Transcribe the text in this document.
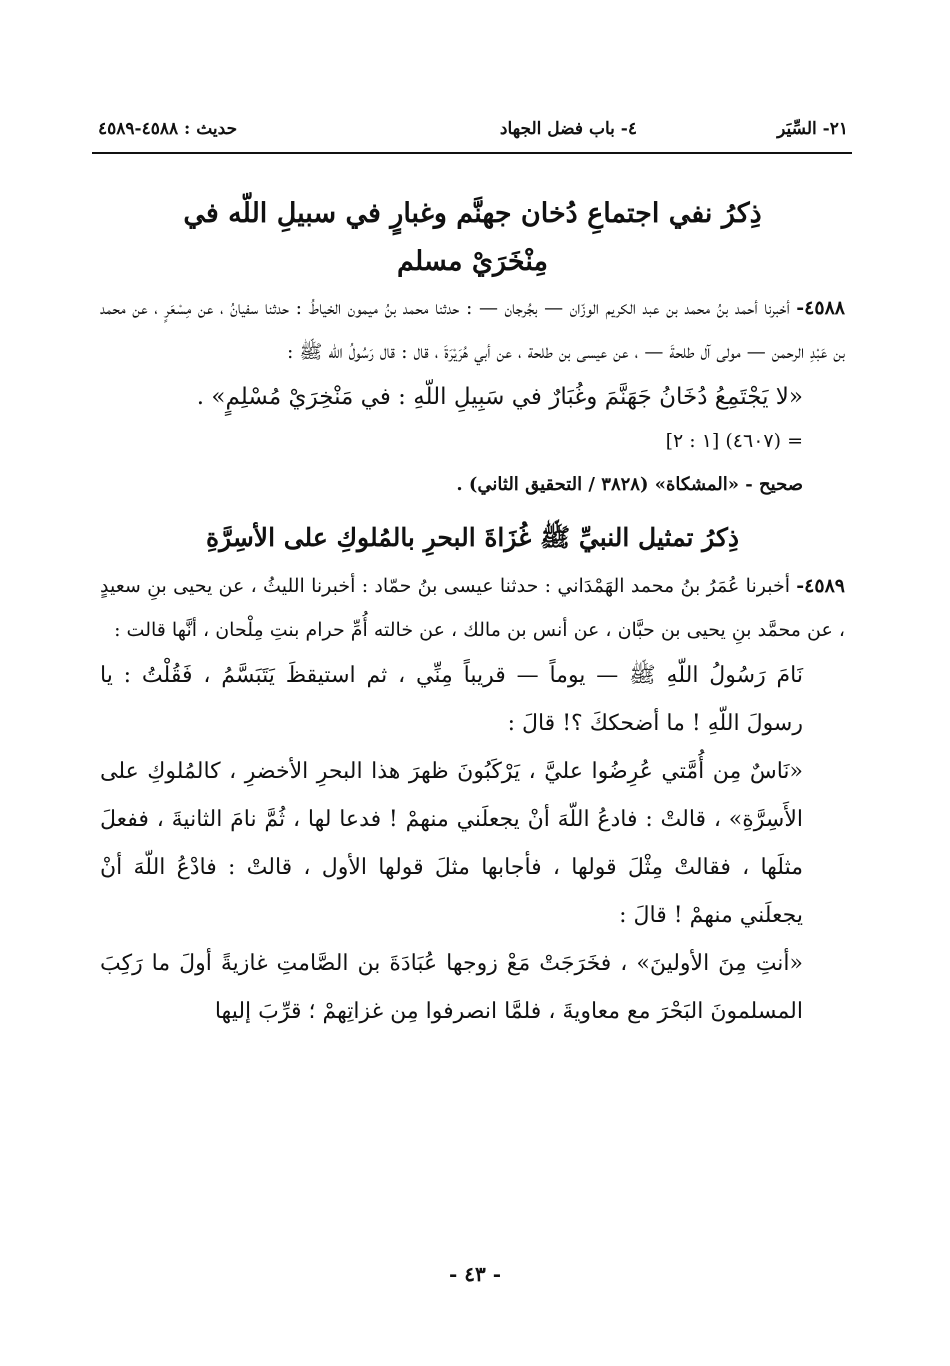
٢١- السِّيَر
٤- باب فضل الجهاد
حديث : ٤٥٨٨-٤٥٨٩

ذِكرُ نفي اجتماعِ دُخان جهنَّم وغبارٍ في سبيلِ اللّه في

مِنْخَرَيْ مسلم

٤٥٨٨- أخبرنا أحمد بنُ محمد بن عبد الكريم الوزّان — بجُرجان — : حدثنا محمد بنُ ميمون الخياطُ : حدثنا سفيانُ ، عن مِسْعَرٍ ، عن محمد بن عَبْدِ الرحمن — مولى آل طلحةَ — ، عن عيسى بن طلحة ، عن أبي هُرَيْرَةَ ، قال : قال رَسُولُ اللّه ﷺ :

«لا يَجْتَمِعُ دُخَانُ جَهَنَّمَ وغُبَارٌ في سَبِيلِ اللّهِ : في مَنْخِرَيْ مُسْلِمٍ» .

= (٤٦٠٧) [١ : ٢]

صحيح - «المشكاة» (٣٨٢٨ / التحقيق الثاني) .

ذِكرُ تمثيل النبيِّ ﷺ غُزَاةَ البحرِ بالمُلوكِ على الأسِرَّةِ

٤٥٨٩- أخبرنا عُمَرُ بنُ محمد الهَمْدَاني : حدثنا عيسى بنُ حمّاد : أخبرنا الليثُ ، عن يحيى بنِ سعيدٍ ، عن محمَّد بنِ يحيى بن حبَّان ، عن أنس بن مالك ، عن خالته أُمِّ حرام بنتِ مِلْحان ، أنَّها قالت :

نَامَ رَسُولُ اللّهِ ﷺ — يوماً — قريباً مِنِّي ، ثم استيقظَ يَتَبَسَّمُ ، فَقُلْتُ : يا رسولَ اللّهِ ! ما أضحككَ ؟! قالَ :

«نَاسٌ مِن أُمَّتي عُرِضُوا عليَّ ، يَرْكَبُونَ ظهرَ هذا البحرِ الأخضرِ ، كالمُلوكِ على الأَسِرَّةِ» ، قالتْ : فادعُ اللّهَ أنْ يجعلَني منهمْ ! فدعا لها ، ثُمَّ نامَ الثانيةَ ، ففعلَ مثلَها ، فقالتْ مِثْلَ قولها ، فأجابها مثلَ قولها الأول ، قالتْ : فادْعُ اللّهَ أنْ يجعلَني منهمْ ! قالَ :

«أنتِ مِنَ الأولينَ» ، فخَرَجَتْ مَعْ زوجها عُبَادَةَ بن الصَّامتِ غازيةً أولَ ما رَكِبَ المسلمونَ البَحْرَ مع معاويةَ ، فلمَّا انصرفوا مِن غزاتِهمْ ؛ قرِّبَ إليها

- ٤٣ -
